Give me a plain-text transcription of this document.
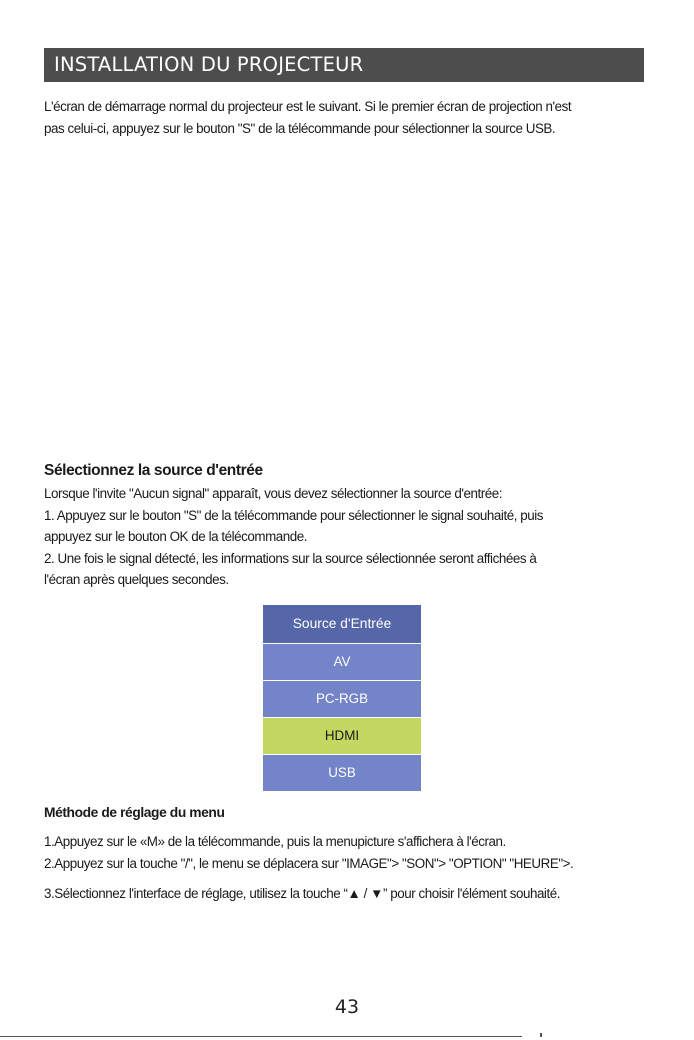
INSTALLATION DU PROJECTEUR
L'écran de démarrage normal du projecteur est le suivant. Si le premier écran de projection n'est
pas celui-ci, appuyez sur le bouton "S" de la télécommande pour sélectionner la source USB.
Sélectionnez la source d'entrée
Lorsque l'invite "Aucun signal" apparaît, vous devez sélectionner la source d'entrée:
1. Appuyez sur le bouton "S" de la télécommande pour sélectionner le signal souhaité, puis
appuyez sur le bouton OK de la télécommande.
2. Une fois le signal détecté, les informations sur la source sélectionnée seront affichées à
l'écran après quelques secondes.
Source d'Entrée
AV
PC-RGB
HDMI
USB
Méthode de réglage du menu
1.Appuyez sur le «M» de la télécommande, puis la menupicture s'affichera à l'écran.
2.Appuyez sur la touche "/", le menu se déplacera sur "IMAGE"> "SON"> "OPTION" "HEURE">.
3.Sélectionnez l'interface de réglage, utilisez la touche “▲ / ▼” pour choisir l'élément souhaité.
43
